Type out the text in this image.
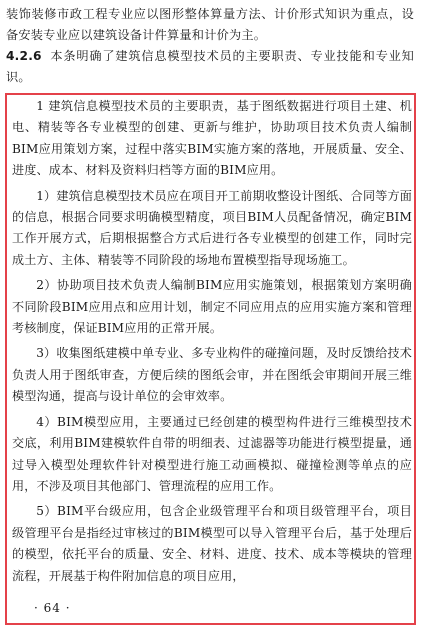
装饰装修市政工程专业应以图形整体算量方法、计价形式知识为重点，设备安装专业应以建筑设备计件算量和计价为主。

4.2.6 本条明确了建筑信息模型技术员的主要职责、专业技能和专业知识。

1 建筑信息模型技术员的主要职责，基于图纸数据进行项目土建、机电、精装等各专业模型的创建、更新与维护，协助项目技术负责人编制BIM应用策划方案，过程中落实BIM实施方案的落地，开展质量、安全、进度、成本、材料及资料归档等方面的BIM应用。

1）建筑信息模型技术员应在项目开工前期收整设计图纸、合同等方面的信息，根据合同要求明确模型精度，项目BIM人员配备情况，确定BIM工作开展方式，后期根据整合方式后进行各专业模型的创建工作，同时完成土方、主体、精装等不同阶段的场地布置模型指导现场施工。

2）协助项目技术负责人编制BIM应用实施策划，根据策划方案明确不同阶段BIM应用点和应用计划，制定不同应用点的应用实施方案和管理考核制度，保证BIM应用的正常开展。

3）收集图纸建模中单专业、多专业构件的碰撞问题，及时反馈给技术负责人用于图纸审查，方便后续的图纸会审，并在图纸会审期间开展三维模型沟通，提高与设计单位的会审效率。

4）BIM模型应用，主要通过已经创建的模型构件进行三维模型技术交底，利用BIM建模软件自带的明细表、过滤器等功能进行模型提量，通过导入模型处理软件针对模型进行施工动画模拟、碰撞检测等单点的应用，不涉及项目其他部门、管理流程的应用工作。

5）BIM平台级应用，包含企业级管理平台和项目级管理平台，项目级管理平台是指经过审核过的BIM模型可以导入管理平台后，基于处理后的模型，依托平台的质量、安全、材料、进度、技术、成本等模块的管理流程，开展基于构件附加信息的项目应用，

· 64 ·
